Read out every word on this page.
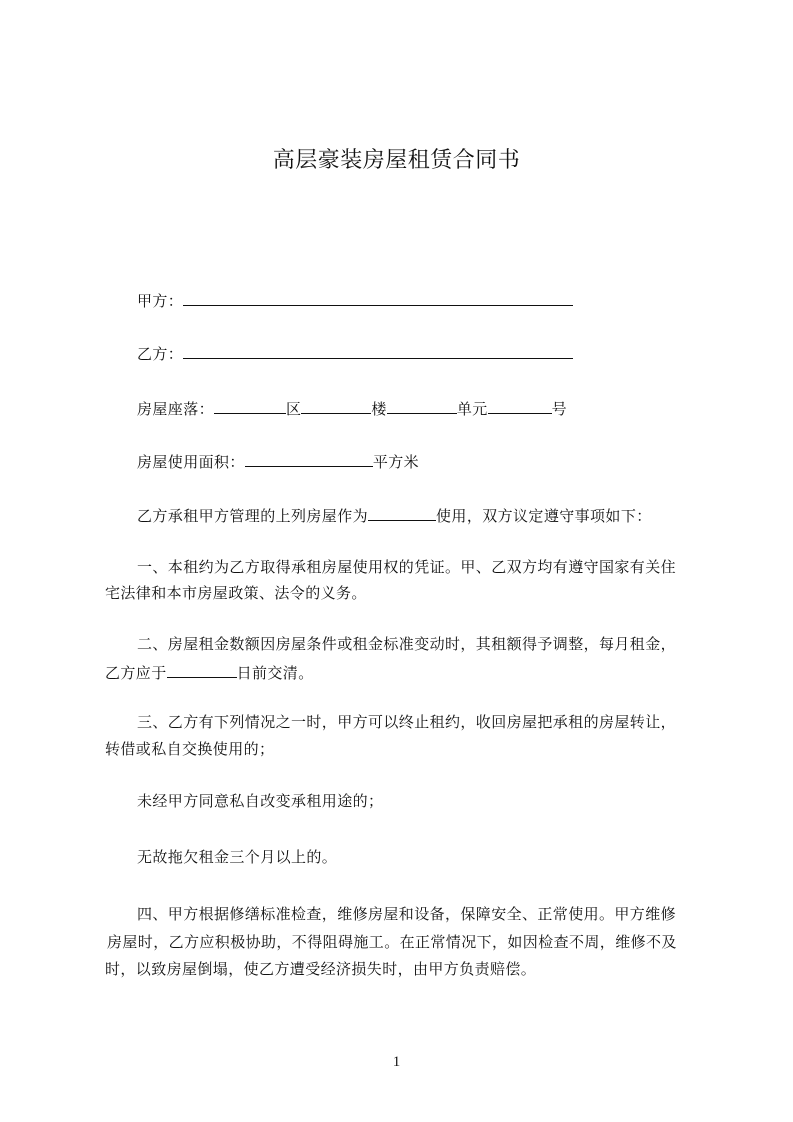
高层豪装房屋租赁合同书
甲方：
乙方：
房屋座落：	区	楼	单元	号
房屋使用面积：	平方米
乙方承租甲方管理的上列房屋作为	使用，双方议定遵守事项如下：
一、本租约为乙方取得承租房屋使用权的凭证。甲、乙双方均有遵守国家有关住
宅法律和本市房屋政策、法令的义务。
二、房屋租金数额因房屋条件或租金标准变动时，其租额得予调整，每月租金，
乙方应于	日前交清。
三、乙方有下列情况之一时，甲方可以终止租约，收回房屋把承租的房屋转让，
转借或私自交换使用的；
未经甲方同意私自改变承租用途的；
无故拖欠租金三个月以上的。
四、甲方根据修缮标准检查，维修房屋和设备，保障安全、正常使用。甲方维修
房屋时，乙方应积极协助，不得阻碍施工。在正常情况下，如因检查不周，维修不及
时，以致房屋倒塌，使乙方遭受经济损失时，由甲方负责赔偿。
1
